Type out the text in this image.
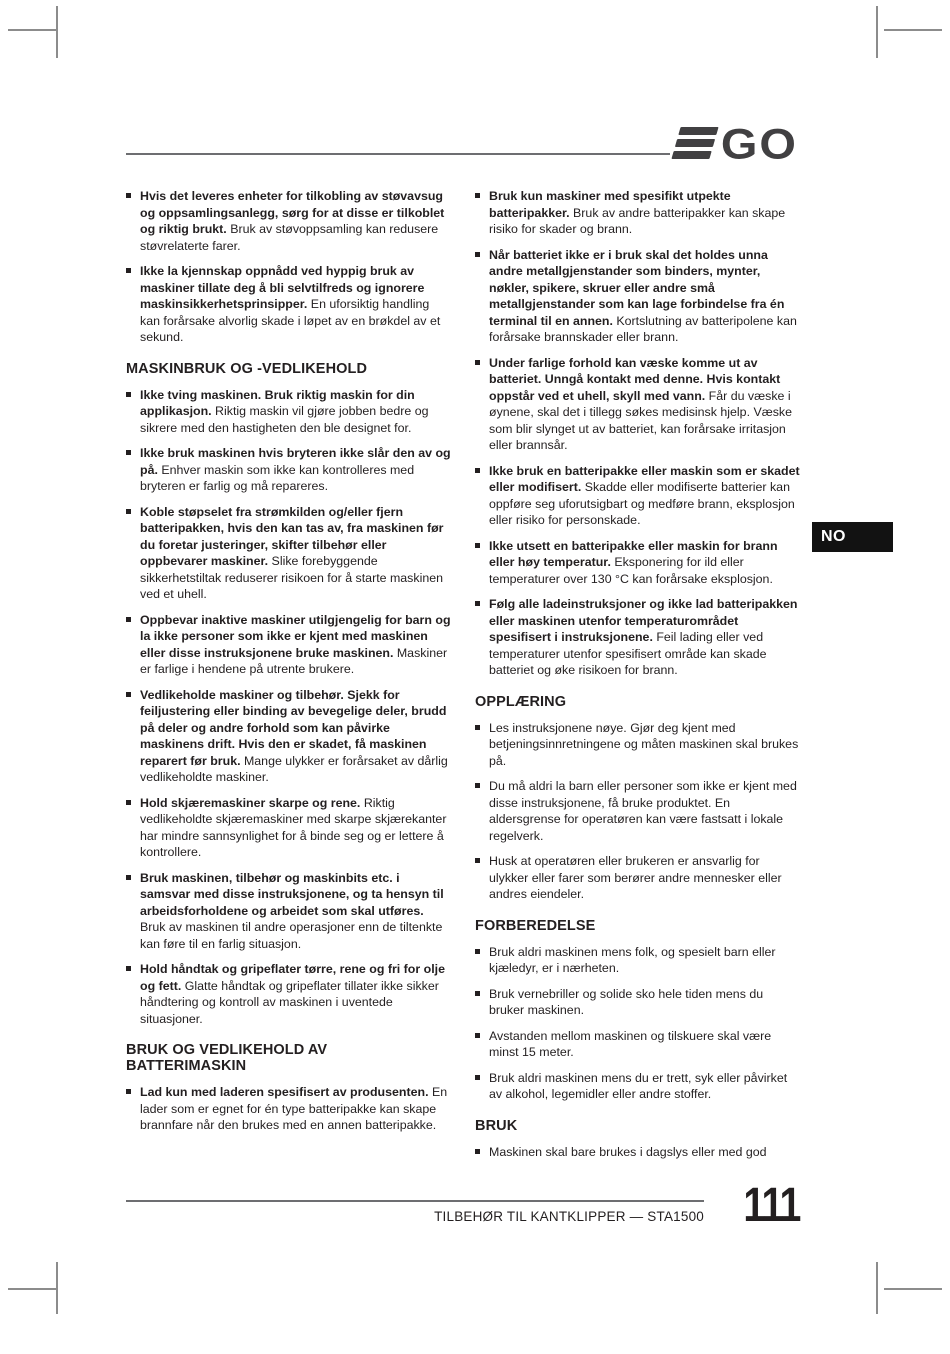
GO
NO

Hvis det leveres enheter for tilkobling av støvavsug og oppsamlingsanlegg, sørg for at disse er tilkoblet og riktig brukt. Bruk av støvoppsamling kan redusere støvrelaterte farer.

Ikke la kjennskap oppnådd ved hyppig bruk av maskiner tillate deg å bli selvtilfreds og ignorere maskinsikkerhetsprinsipper. En uforsiktig handling kan forårsake alvorlig skade i løpet av en brøkdel av et sekund.

MASKINBRUK OG -VEDLIKEHOLD

Ikke tving maskinen. Bruk riktig maskin for din applikasjon. Riktig maskin vil gjøre jobben bedre og sikrere med den hastigheten den ble designet for.

Ikke bruk maskinen hvis bryteren ikke slår den av og på. Enhver maskin som ikke kan kontrolleres med bryteren er farlig og må repareres.

Koble støpselet fra strømkilden og/eller fjern batteripakken, hvis den kan tas av, fra maskinen før du foretar justeringer, skifter tilbehør eller oppbevarer maskiner. Slike forebyggende sikkerhetstiltak reduserer risikoen for å starte maskinen ved et uhell.

Oppbevar inaktive maskiner utilgjengelig for barn og la ikke personer som ikke er kjent med maskinen eller disse instruksjonene bruke maskinen. Maskiner er farlige i hendene på utrente brukere.

Vedlikeholde maskiner og tilbehør. Sjekk for feiljustering eller binding av bevegelige deler, brudd på deler og andre forhold som kan påvirke maskinens drift. Hvis den er skadet, få maskinen reparert før bruk. Mange ulykker er forårsaket av dårlig vedlikeholdte maskiner.

Hold skjæremaskiner skarpe og rene. Riktig vedlikeholdte skjæremaskiner med skarpe skjærekanter har mindre sannsynlighet for å binde seg og er lettere å kontrollere.

Bruk maskinen, tilbehør og maskinbits etc. i samsvar med disse instruksjonene, og ta hensyn til arbeidsforholdene og arbeidet som skal utføres. Bruk av maskinen til andre operasjoner enn de tiltenkte kan føre til en farlig situasjon.

Hold håndtak og gripeflater tørre, rene og fri for olje og fett. Glatte håndtak og gripeflater tillater ikke sikker håndtering og kontroll av maskinen i uventede situasjoner.

BRUK OG VEDLIKEHOLD AV BATTERIMASKIN

Lad kun med laderen spesifisert av produsenten. En lader som er egnet for én type batteripakke kan skape brannfare når den brukes med en annen batteripakke.

Bruk kun maskiner med spesifikt utpekte batteripakker. Bruk av andre batteripakker kan skape risiko for skader og brann.

Når batteriet ikke er i bruk skal det holdes unna andre metallgjenstander som binders, mynter, nøkler, spikere, skruer eller andre små metallgjenstander som kan lage forbindelse fra én terminal til en annen. Kortslutning av batteripolene kan forårsake brannskader eller brann.

Under farlige forhold kan væske komme ut av batteriet. Unngå kontakt med denne. Hvis kontakt oppstår ved et uhell, skyll med vann. Får du væske i øynene, skal det i tillegg søkes medisinsk hjelp. Væske som blir slynget ut av batteriet, kan forårsake irritasjon eller brannsår.

Ikke bruk en batteripakke eller maskin som er skadet eller modifisert. Skadde eller modifiserte batterier kan oppføre seg uforutsigbart og medføre brann, eksplosjon eller risiko for personskade.

Ikke utsett en batteripakke eller maskin for brann eller høy temperatur. Eksponering for ild eller temperaturer over 130 °C kan forårsake eksplosjon.

Følg alle ladeinstruksjoner og ikke lad batteripakken eller maskinen utenfor temperaturområdet spesifisert i instruksjonene. Feil lading eller ved temperaturer utenfor spesifisert område kan skade batteriet og øke risikoen for brann.

OPPLÆRING

Les instruksjonene nøye. Gjør deg kjent med betjeningsinnretningene og måten maskinen skal brukes på.

Du må aldri la barn eller personer som ikke er kjent med disse instruksjonene, få bruke produktet. En aldersgrense for operatøren kan være fastsatt i lokale regelverk.

Husk at operatøren eller brukeren er ansvarlig for ulykker eller farer som berører andre mennesker eller andres eiendeler.

FORBEREDELSE

Bruk aldri maskinen mens folk, og spesielt barn eller kjæledyr, er i nærheten.

Bruk vernebriller og solide sko hele tiden mens du bruker maskinen.

Avstanden mellom maskinen og tilskuere skal være minst 15 meter.

Bruk aldri maskinen mens du er trett, syk eller påvirket av alkohol, legemidler eller andre stoffer.

BRUK

Maskinen skal bare brukes i dagslys eller med god

TILBEHØR TIL KANTKLIPPER — STA1500 111
